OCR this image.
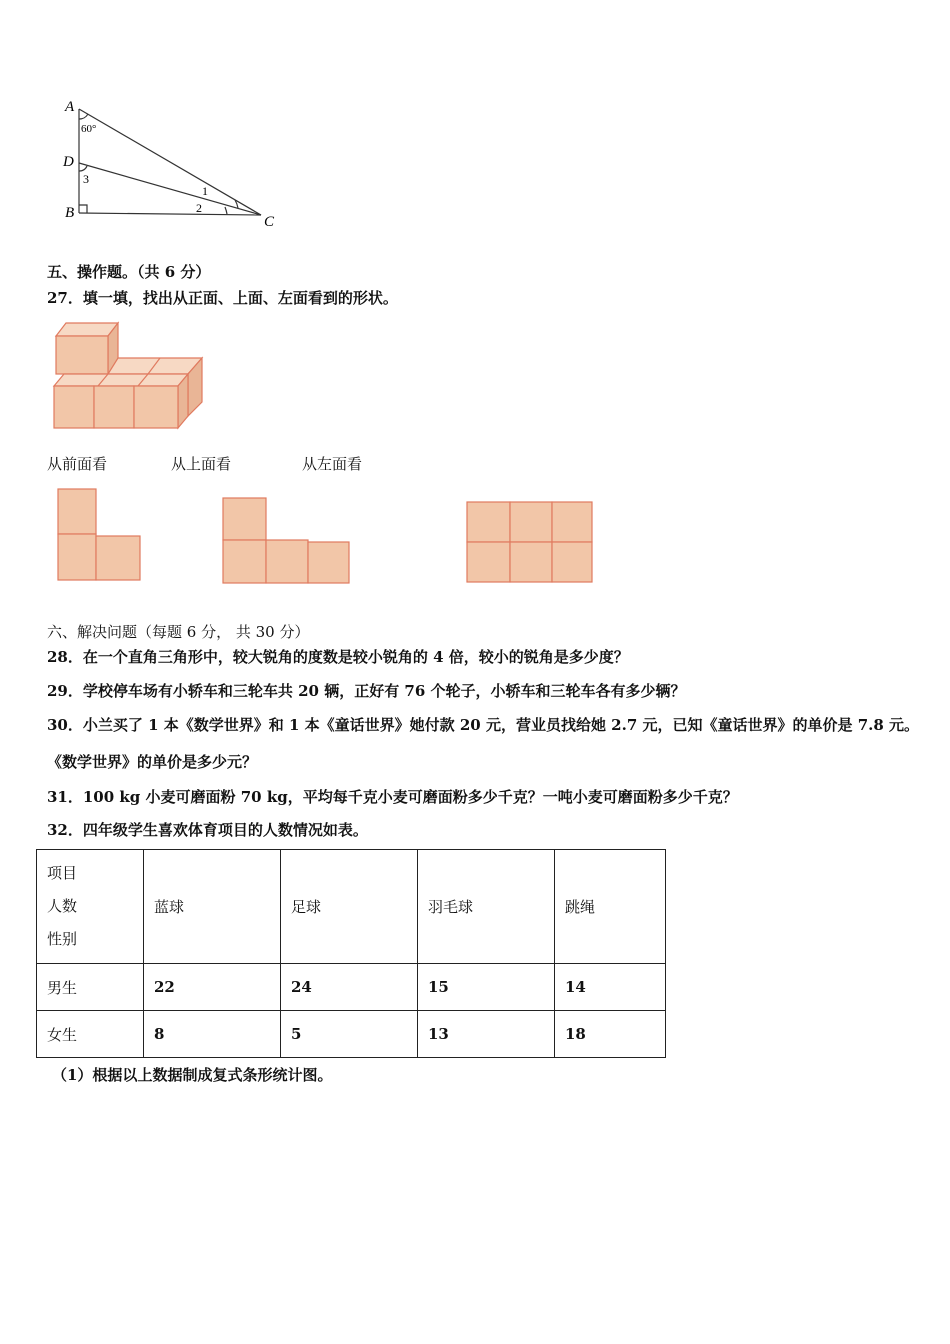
A
D
B
C
60°
3
1
2
五、操作题。（共 6 分）
27．填一填，找出从正面、上面、左面看到的形状。
从前面看	从上面看	从左面看
六、解决问题（每题 6 分， 共 30 分）
28．在一个直角三角形中，较大锐角的度数是较小锐角的 4 倍，较小的锐角是多少度？
29．学校停车场有小轿车和三轮车共 20 辆，正好有 76 个轮子，小轿车和三轮车各有多少辆？
30．小兰买了 1 本《数学世界》和 1 本《童话世界》她付款 20 元，营业员找给她 2.7 元，已知《童话世界》的单价是 7.8 元。
《数学世界》的单价是多少元？
31．100 kg 小麦可磨面粉 70 kg，平均每千克小麦可磨面粉多少千克？一吨小麦可磨面粉多少千克？
32．四年级学生喜欢体育项目的人数情况如表。
项目
人数
性别	蓝球	足球	羽毛球	跳绳
男生	22	24	15	14
女生	8	5	13	18
（1）根据以上数据制成复式条形统计图。
